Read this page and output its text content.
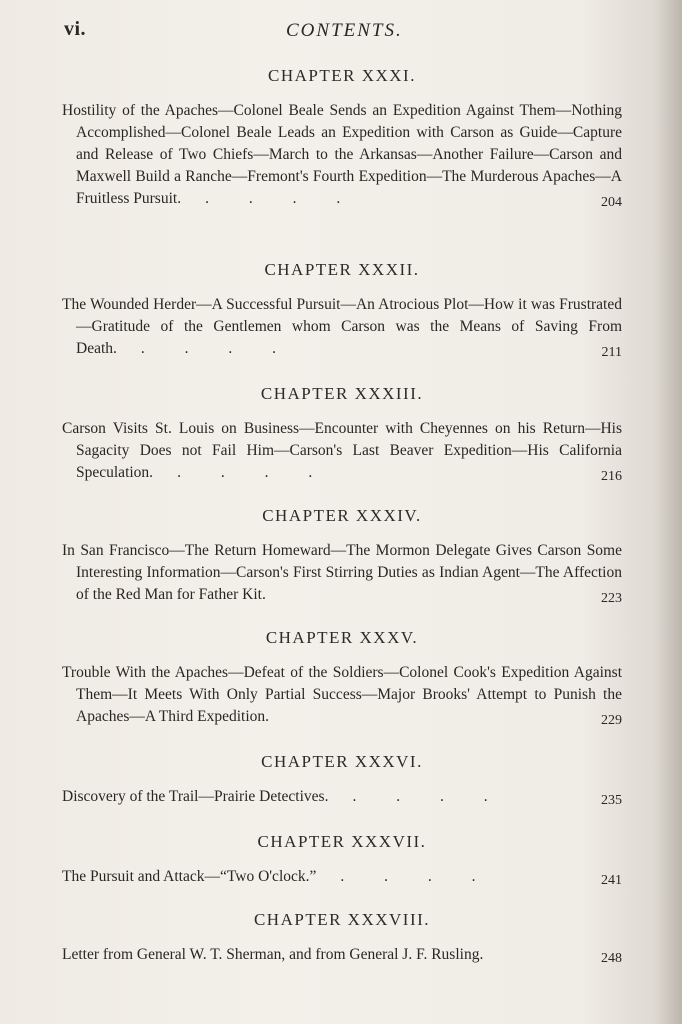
vi.	CONTENTS.
CHAPTER XXXI.

Hostility of the Apaches—Colonel Beale Sends an Expedition Against Them—Nothing Accomplished—Colonel Beale Leads an Expedition with Carson as Guide—Capture and Release of Two Chiefs—March to the Arkansas—Another Failure—Carson and Maxwell Build a Ranche—Fremont's Fourth Expedition—The Murderous Apaches—A Fruitless Pursuit. . . . .	204

CHAPTER XXXII.

The Wounded Herder—A Successful Pursuit—An Atrocious Plot—How it was Frustrated—Gratitude of the Gentlemen whom Carson was the Means of Saving From Death. . . . .	211

CHAPTER XXXIII.

Carson Visits St. Louis on Business—Encounter with Cheyennes on his Return—His Sagacity Does not Fail Him—Carson's Last Beaver Expedition—His California Speculation. . . . .	216

CHAPTER XXXIV.

In San Francisco—The Return Homeward—The Mormon Delegate Gives Carson Some Interesting Information—Carson's First Stirring Duties as Indian Agent—The Affection of the Red Man for Father Kit.	223

CHAPTER XXXV.

Trouble With the Apaches—Defeat of the Soldiers—Colonel Cook's Expedition Against Them—It Meets With Only Partial Success—Major Brooks' Attempt to Punish the Apaches—A Third Expedition.	229

CHAPTER XXXVI.

Discovery of the Trail—Prairie Detectives. . . . .	235

CHAPTER XXXVII.

The Pursuit and Attack—“Two O'clock.” . . . .	241

CHAPTER XXXVIII.

Letter from General W. T. Sherman, and from General J. F. Rusling.	248
